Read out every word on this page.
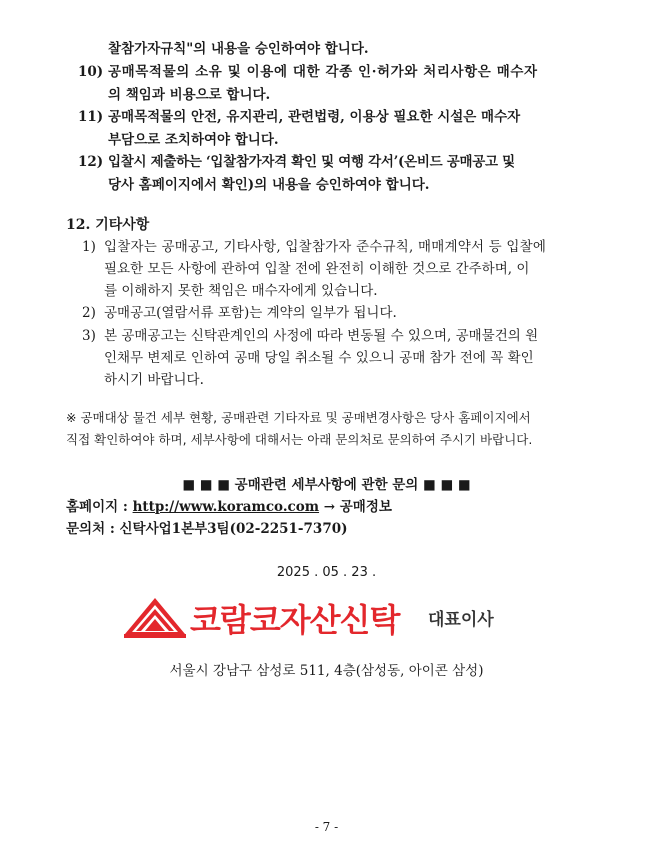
찰참가자규칙"의 내용을 승인하여야 합니다.
10) 공매목적물의 소유 및 이용에 대한 각종 인·허가와 처리사항은 매수자
의 책임과 비용으로 합니다.
11) 공매목적물의 안전, 유지관리, 관련법령, 이용상 필요한 시설은 매수자
부담으로 조치하여야 합니다.
12) 입찰시 제출하는 ‘입찰참가자격 확인 및 여행 각서’(온비드 공매공고 및
당사 홈페이지에서 확인)의 내용을 승인하여야 합니다.
12. 기타사항
1) 입찰자는 공매공고, 기타사항, 입찰참가자 준수규칙, 매매계약서 등 입찰에
필요한 모든 사항에 관하여 입찰 전에 완전히 이해한 것으로 간주하며, 이
를 이해하지 못한 책임은 매수자에게 있습니다.
2) 공매공고(열람서류 포함)는 계약의 일부가 됩니다.
3) 본 공매공고는 신탁관계인의 사정에 따라 변동될 수 있으며, 공매물건의 원
인채무 변제로 인하여 공매 당일 취소될 수 있으니 공매 참가 전에 꼭 확인
하시기 바랍니다.
※ 공매대상 물건 세부 현황, 공매관련 기타자료 및 공매변경사항은 당사 홈페이지에서
직접 확인하여야 하며, 세부사항에 대해서는 아래 문의처로 문의하여 주시기 바랍니다.
■ ■ ■ 공매관련 세부사항에 관한 문의 ■ ■ ■
홈페이지 : http://www.koramco.com → 공매정보
문의처 : 신탁사업1본부3팀(02-2251-7370)
2025 . 05 . 23 .
코람코자산신탁 대표이사
서울시 강남구 삼성로 511, 4층(삼성동, 아이콘 삼성)
- 7 -
